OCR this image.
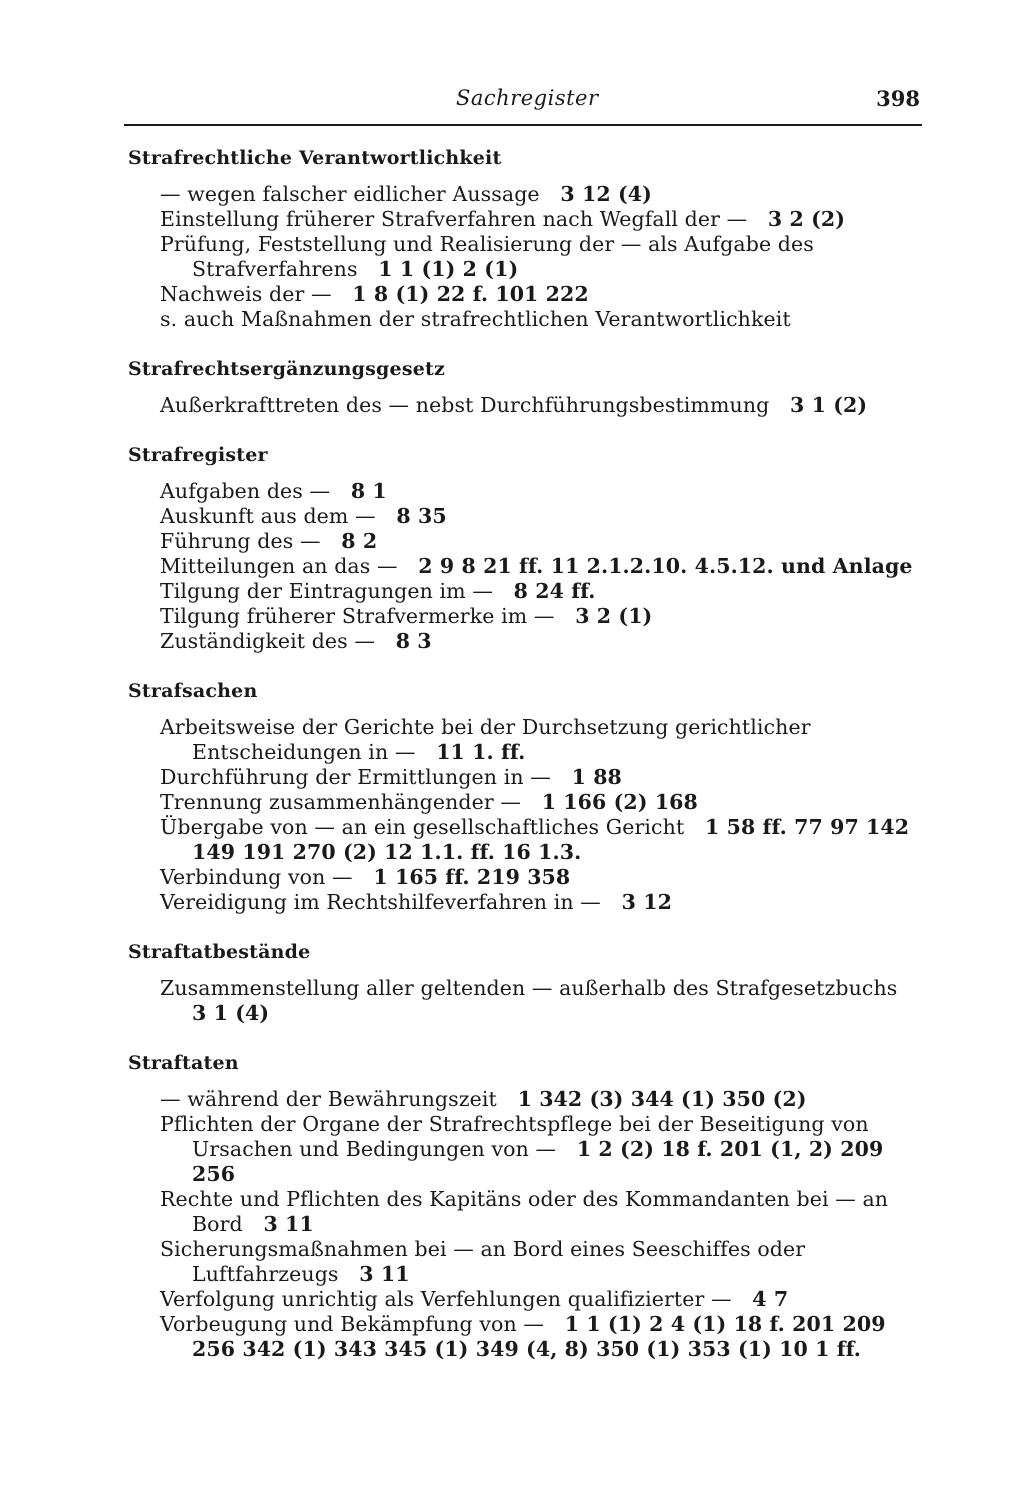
Sachregister	398
Strafrechtliche Verantwortlichkeit
— wegen falscher eidlicher Aussage   3 12 (4)
Einstellung früherer Strafverfahren nach Wegfall der —   3 2 (2)
Prüfung, Feststellung und Realisierung der — als Aufgabe des Strafverfahrens   1 1 (1) 2 (1)
Nachweis der —   1 8 (1) 22 f. 101 222
s. auch Maßnahmen der strafrechtlichen Verantwortlichkeit
Strafrechtsergänzungsgesetz
Außerkrafttreten des — nebst Durchführungsbestimmung   3 1 (2)
Strafregister
Aufgaben des —   8 1
Auskunft aus dem —   8 35
Führung des —   8 2
Mitteilungen an das —   2 9 8 21 ff. 11 2.1.2.10. 4.5.12. und Anlage
Tilgung der Eintragungen im —   8 24 ff.
Tilgung früherer Strafvermerke im —   3 2 (1)
Zuständigkeit des —   8 3
Strafsachen
Arbeitsweise der Gerichte bei der Durchsetzung gerichtlicher Entscheidungen in —   11 1. ff.
Durchführung der Ermittlungen in —   1 88
Trennung zusammenhängender —   1 166 (2) 168
Übergabe von — an ein gesellschaftliches Gericht   1 58 ff. 77 97 142 149 191 270 (2) 12 1.1. ff. 16 1.3.
Verbindung von —   1 165 ff. 219 358
Vereidigung im Rechtshilfeverfahren in —   3 12
Straftatbestände
Zusammenstellung aller geltenden — außerhalb des Strafgesetzbuchs  3 1 (4)
Straftaten
— während der Bewährungszeit   1 342 (3) 344 (1) 350 (2)
Pflichten der Organe der Strafrechtspflege bei der Beseitigung von Ursachen und Bedingungen von —   1 2 (2) 18 f. 201 (1, 2) 209 256
Rechte und Pflichten des Kapitäns oder des Kommandanten bei — an Bord   3 11
Sicherungsmaßnahmen bei — an Bord eines Seeschiffes oder Luftfahrzeugs   3 11
Verfolgung unrichtig als Verfehlungen qualifizierter —   4 7
Vorbeugung und Bekämpfung von —   1 1 (1) 2 4 (1) 18 f. 201 209 256 342 (1) 343 345 (1) 349 (4, 8) 350 (1) 353 (1) 10 1 ff.
